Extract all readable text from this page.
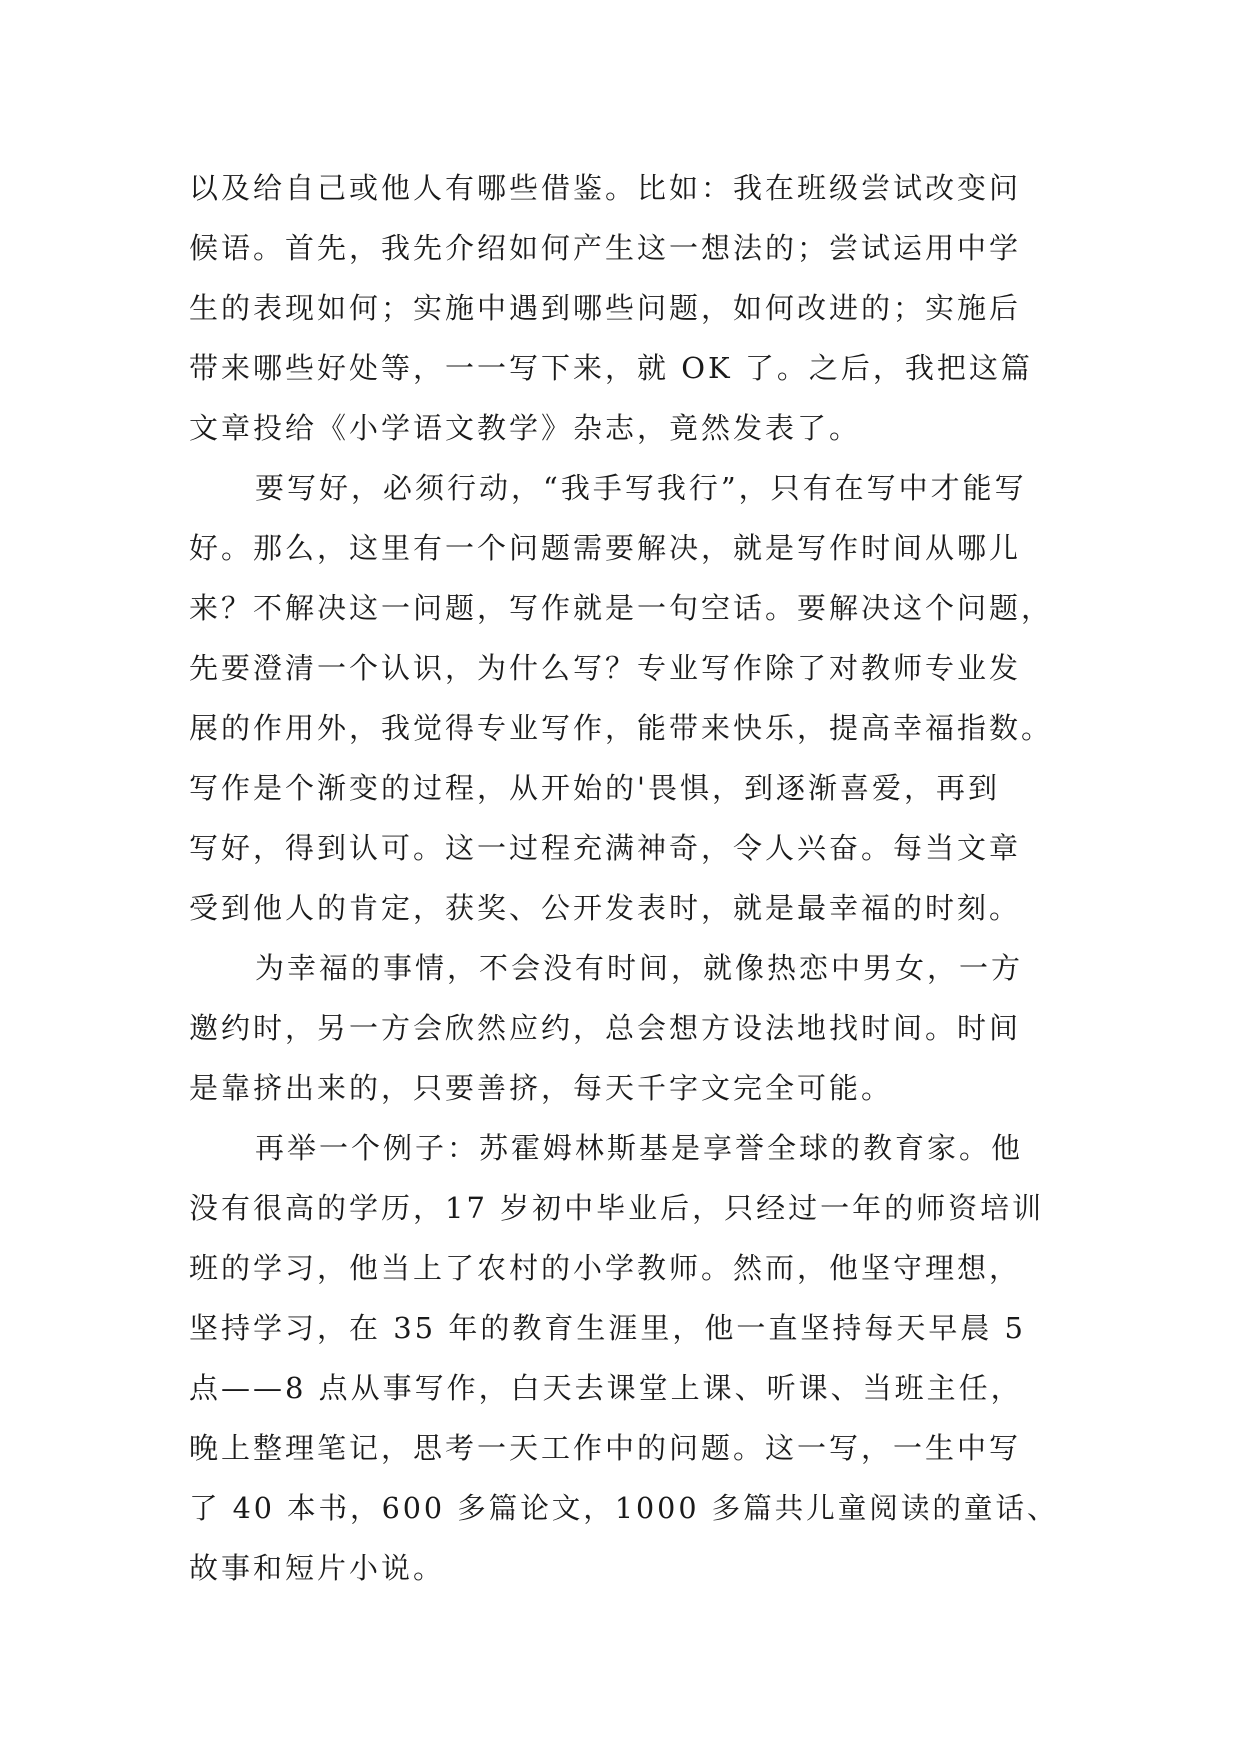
以及给自己或他人有哪些借鉴。比如：我在班级尝试改变问
候语。首先，我先介绍如何产生这一想法的；尝试运用中学
生的表现如何；实施中遇到哪些问题，如何改进的；实施后
带来哪些好处等，一一写下来，就 OK 了。之后，我把这篇
文章投给《小学语文教学》杂志，竟然发表了。
要写好，必须行动，“我手写我行”，只有在写中才能写
好。那么，这里有一个问题需要解决，就是写作时间从哪儿
来？不解决这一问题，写作就是一句空话。要解决这个问题，
先要澄清一个认识，为什么写？专业写作除了对教师专业发
展的作用外，我觉得专业写作，能带来快乐，提高幸福指数。
写作是个渐变的过程，从开始的'畏惧，到逐渐喜爱，再到
写好，得到认可。这一过程充满神奇，令人兴奋。每当文章
受到他人的肯定，获奖、公开发表时，就是最幸福的时刻。
为幸福的事情，不会没有时间，就像热恋中男女，一方
邀约时，另一方会欣然应约，总会想方设法地找时间。时间
是靠挤出来的，只要善挤，每天千字文完全可能。
再举一个例子：苏霍姆林斯基是享誉全球的教育家。他
没有很高的学历，17 岁初中毕业后，只经过一年的师资培训
班的学习，他当上了农村的小学教师。然而，他坚守理想，
坚持学习，在 35 年的教育生涯里，他一直坚持每天早晨 5
点——8 点从事写作，白天去课堂上课、听课、当班主任，
晚上整理笔记，思考一天工作中的问题。这一写，一生中写
了 40 本书，600 多篇论文，1000 多篇共儿童阅读的童话、
故事和短片小说。
